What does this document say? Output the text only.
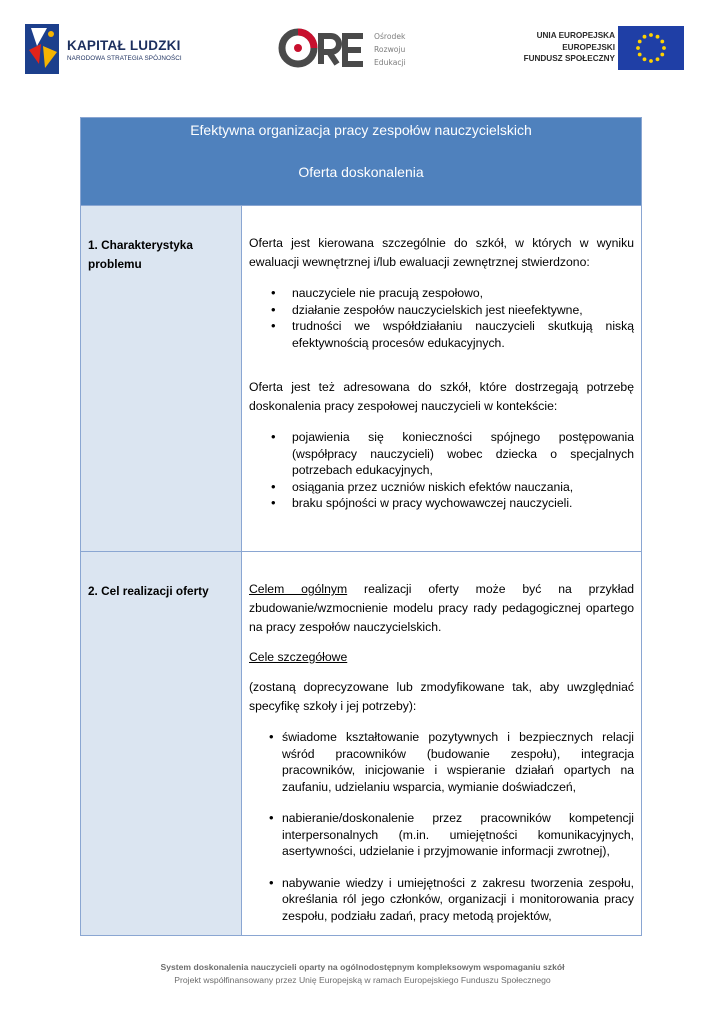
KAPITAŁ LUDZKI
NARODOWA STRATEGIA SPÓJNOŚCI
Ośrodek
Rozwoju
Edukacji
UNIA EUROPEJSKA
EUROPEJSKI
FUNDUSZ SPOŁECZNY
Efektywna organizacja pracy zespołów nauczycielskich
Oferta doskonalenia
1. Charakterystyka problemu

Oferta jest kierowana szczególnie do szkół, w których w wyniku ewaluacji wewnętrznej i/lub ewaluacji zewnętrznej stwierdzono:

• nauczyciele nie pracują zespołowo,
• działanie zespołów nauczycielskich jest nieefektywne,
• trudności we współdziałaniu nauczycieli skutkują niską efektywnością procesów edukacyjnych.

Oferta jest też adresowana do szkół, które dostrzegają potrzebę doskonalenia pracy zespołowej nauczycieli w kontekście:

• pojawienia się konieczności spójnego postępowania (współpracy nauczycieli) wobec dziecka o specjalnych potrzebach edukacyjnych,
• osiągania przez uczniów niskich efektów nauczania,
• braku spójności w pracy wychowawczej nauczycieli.
2. Cel realizacji oferty	Celem ogólnym realizacji oferty może być na przykład zbudowanie/wzmocnienie modelu pracy rady pedagogicznej opartego na pracy zespołów nauczycielskich.

Cele szczegółowe

(zostaną doprecyzowane lub zmodyfikowane tak, aby uwzględniać specyfikę szkoły i jej potrzeby):

• świadome kształtowanie pozytywnych i bezpiecznych relacji wśród pracowników (budowanie zespołu), integracja pracowników, inicjowanie i wspieranie działań opartych na zaufaniu, udzielaniu wsparcia, wymianie doświadczeń,
• nabieranie/doskonalenie przez pracowników kompetencji interpersonalnych (m.in. umiejętności komunikacyjnych, asertywności, udzielanie i przyjmowanie informacji zwrotnej),
• nabywanie wiedzy i umiejętności z zakresu tworzenia zespołu, określania ról jego członków, organizacji i monitorowania pracy zespołu, podziału zadań, pracy metodą projektów,
System doskonalenia nauczycieli oparty na ogólnodostępnym kompleksowym wspomaganiu szkół
Projekt współfinansowany przez Unię Europejską w ramach Europejskiego Funduszu Społecznego
